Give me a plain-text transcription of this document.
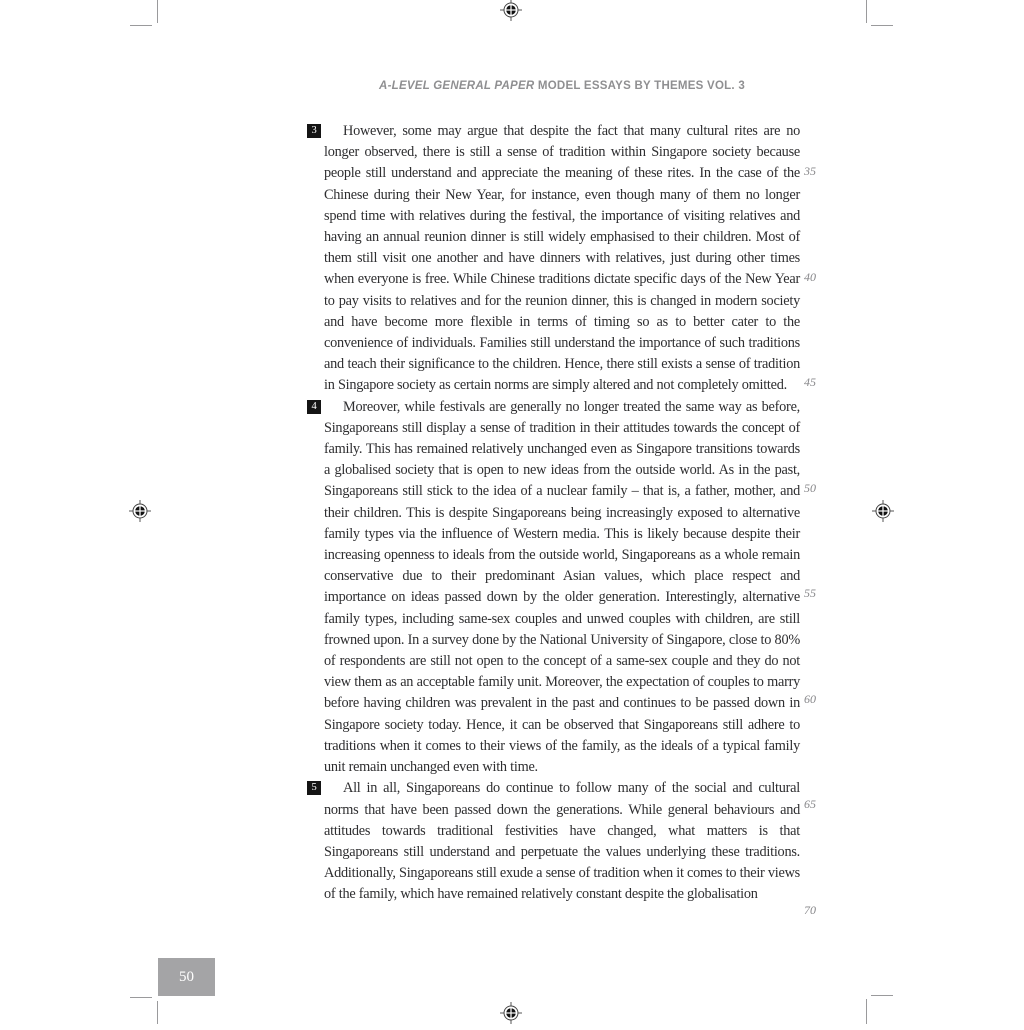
A-LEVEL GENERAL PAPER MODEL ESSAYS BY THEMES VOL. 3
3	However, some may argue that despite the fact that many cultural rites are no longer observed, there is still a sense of tradition within Singapore society because people still understand and appreciate the meaning of these rites. In the case of the Chinese during their New Year, for instance, even though many of them no longer spend time with relatives during the festival, the importance of visiting relatives and having an annual reunion dinner is still widely emphasised to their children. Most of them still visit one another and have dinners with relatives, just during other times when everyone is free. While Chinese traditions dictate specific days of the New Year to pay visits to relatives and for the reunion dinner, this is changed in modern society and have become more flexible in terms of timing so as to better cater to the convenience of individuals. Families still understand the importance of such traditions and teach their significance to the children. Hence, there still exists a sense of tradition in Singapore society as certain norms are simply altered and not completely omitted.
4	Moreover, while festivals are generally no longer treated the same way as before, Singaporeans still display a sense of tradition in their attitudes towards the concept of family. This has remained relatively unchanged even as Singapore transitions towards a globalised society that is open to new ideas from the outside world. As in the past, Singaporeans still stick to the idea of a nuclear family – that is, a father, mother, and their children. This is despite Singaporeans being increasingly exposed to alternative family types via the influence of Western media. This is likely because despite their increasing openness to ideals from the outside world, Singaporeans as a whole remain conservative due to their predominant Asian values, which place respect and importance on ideas passed down by the older generation. Interestingly, alternative family types, including same-sex couples and unwed couples with children, are still frowned upon. In a survey done by the National University of Singapore, close to 80% of respondents are still not open to the concept of a same-sex couple and they do not view them as an acceptable family unit. Moreover, the expectation of couples to marry before having children was prevalent in the past and continues to be passed down in Singapore society today. Hence, it can be observed that Singaporeans still adhere to traditions when it comes to their views of the family, as the ideals of a typical family unit remain unchanged even with time.
5	All in all, Singaporeans do continue to follow many of the social and cultural norms that have been passed down the generations. While general behaviours and attitudes towards traditional festivities have changed, what matters is that Singaporeans still understand and perpetuate the values underlying these traditions. Additionally, Singaporeans still exude a sense of tradition when it comes to their views of the family, which have remained relatively constant despite the globalisation
35
40
45
50
55
60
65
70
50
